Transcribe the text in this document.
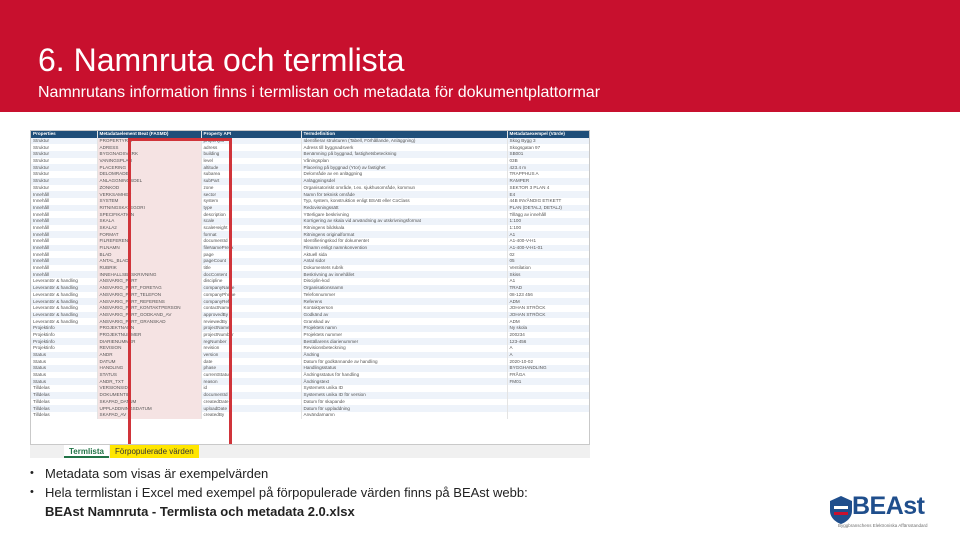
6. Namnruta och termlista
Namnrutans information finns i termlistan och metadata för dokumentplattormar
Properties	Metadataelement Beat (FASMD)	Property API	Termdefinition	Metadataexempel (Värde)
Struktur	PROPERTYREF	propertyid	Identifierar strukturen (Tabell, Förhållande, Anläggning)	Skog Bygg 3
Struktur	ADRESS	adress	Adress till byggnadsverk	Skogsgatan 97
Struktur	BYGGNADSVERK	building	Benämning på byggnad, fastighetsbeteckning	SB001
Struktur	VANINGSPLAN	level	Våningsplan	03B
Struktur	PLACERING	altitude	Placering på byggnad (Ytor) av fastighet	423.4 m
Struktur	DELOMRADE	subarea	Delområde av en anläggning	TRAPPHUS A
Struktur	ANLAGGNINGSDEL	subPart	Anläggningsdel	RAMPER
Struktur	ZONKOD	zone	Organisatoriskt område, t.ex. sjukhusområde, kommun	SEKTOR 3 PLAN 4
Innehåll	VERKSAMHET	sector	Namn för teknisk område	E4
Innehåll	SYSTEM	system	Typ, system, konstruktion enligt BSAB eller CoClass	44B INVÄNDIG ETIKETT
Innehåll	RITNINGSKATEGORI	type	Redovisningssätt	PLAN (DETALJ, DETALJ)
Innehåll	SPECIFIKATION	description	Ytterligare beskrivning	Tillägg av innehåll
Innehåll	SKALA	scale	Korrigering av skala vid användning av utskrivningsformat	1:100
Innehåll	SKALA2	scaleHeight	Ritningens bildskala	1:100
Innehåll	FORMAT	format	Ritningens originalformat	A1
Innehåll	FILREFERENS	documentId	Identifieringskod för dokumentet	A1-400-V-H1
Innehåll	FILNAMN	fileNamePrefix	Filnamn enligt namnkonvention	A1-400-V-H1-01
Innehåll	BLAD	page	Aktuell sida	02
Innehåll	ANTAL_BLAD	pageCount	Antal sidor	05
Innehåll	RUBRIK	title	Dokumentets rubrik	Ventilation
Innehåll	INNEHALLSBESKRIVNING	docContent	Beskrivning av innehållet	Skiss
Leverantör & handling	ANSVARIG_PART	discipline	Disciplin-kod	A1
Leverantör & handling	ANSVARIG_PART_FORETAG	companyName	Organisationsnamn	TRAD
Leverantör & handling	ANSVARIG_PART_TELEFON	companyPhone	Telefonnummer	08-123 456
Leverantör & handling	ANSVARIG_PART_REFERENS	companyRef	Referens	ADM
Leverantör & handling	ANSVARIG_PART_KONTAKTPERSON	contactName	Kontaktperson	JOHAN STRÖCK
Leverantör & handling	ANSVARIG_PART_GODKAND_AV	approvedBy	Godkänd av	JOHAN STRÖCK
Leverantör & handling	ANSVARIG_PART_GRANSKAD	reviewedBy	Granskad av	ADM
Projektinfo	PROJEKTNAMN	projectName	Projektets namn	Ny skola
Projektinfo	PROJEKTNUMMER	projectNumber	Projektets nummer	200234
Projektinfo	DIARIENUMMER	regNumber	Beställarens diarienummer	123-456
Projektinfo	REVISION	revision	Revisionsbeteckning	A
Status	ANDR	version	Ändring	A
Status	DATUM	date	Datum för godkännande av handling	2020-10-02
Status	HANDLING	phase	Handlingsstatus	BYGGHANDLING
Status	STATUS	currentStatus	Ändringsstatus för handling	FRÅGA
Status	ANDR_TXT	reason	Ändringstext	FM01
Tilldelas	VERSIONSID	id	Systemets unika ID	
Tilldelas	DOKUMENTID	documentId	Systemets unika ID för version	
Tilldelas	SKAPAD_DATUM	createdDate	Datum för skapande	
Tilldelas	UPPLADDNINGSDATUM	uploadDate	Datum för uppladdning	
Tilldelas	SKAPAD_AV	createdBy	Användarnamn	
Termlista	Förpopulerade värden
• Metadata som visas är exempelvärden
• Hela termlistan i Excel med exempel på förpopulerade värden finns på BEAst webb:
BEAst Namnruta - Termlista och metadata 2.0.xlsx	BEAst
Byggbranschens Elektroniska Affärsstandard
